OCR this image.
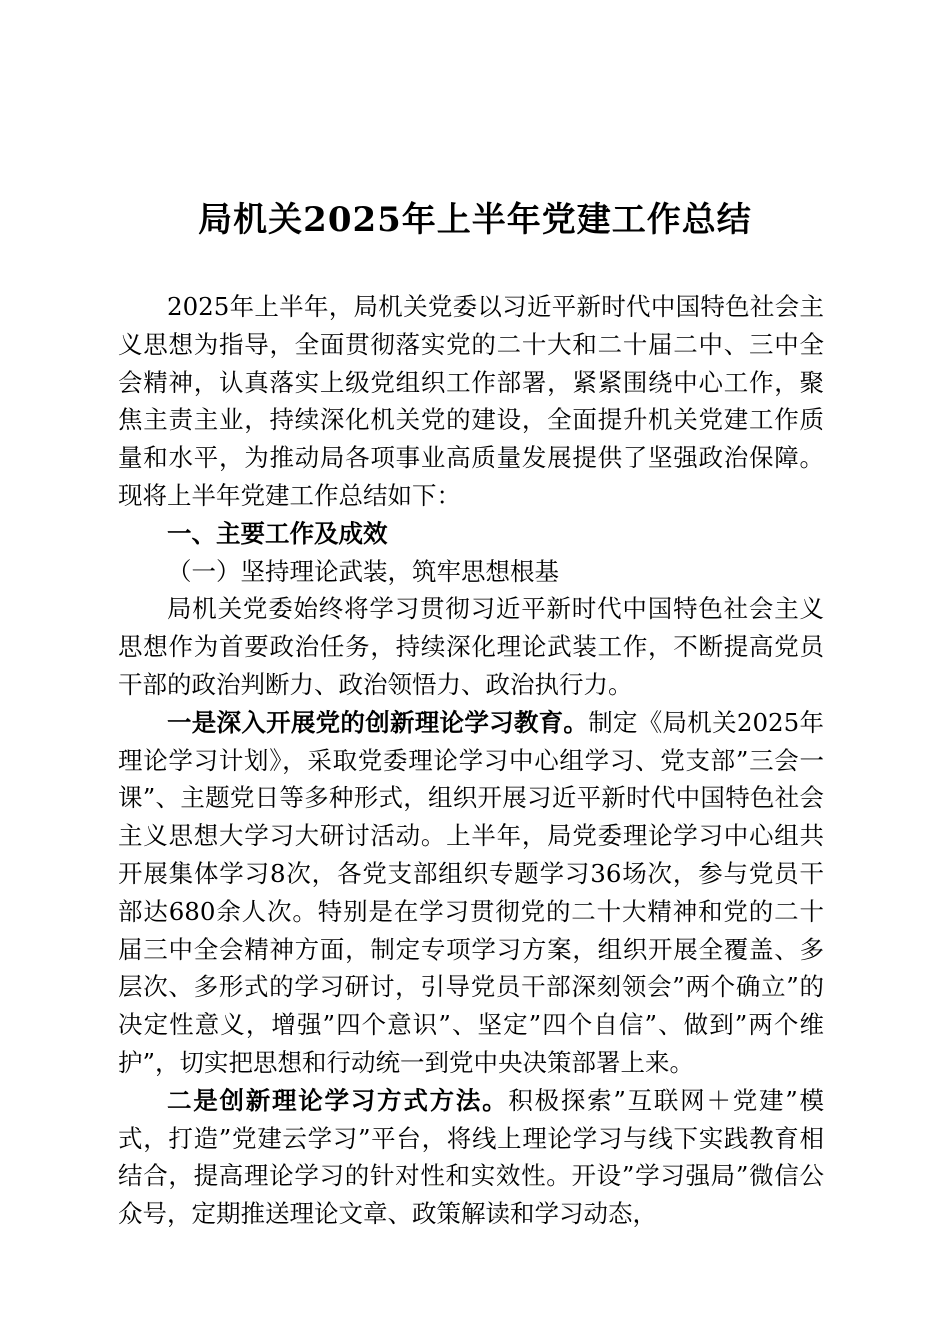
局机关2025年上半年党建工作总结

2025年上半年，局机关党委以习近平新时代中国特色社会主义思想为指导，全面贯彻落实党的二十大和二十届二中、三中全会精神，认真落实上级党组织工作部署，紧紧围绕中心工作，聚焦主责主业，持续深化机关党的建设，全面提升机关党建工作质量和水平，为推动局各项事业高质量发展提供了坚强政治保障。现将上半年党建工作总结如下：

一、主要工作及成效

（一）坚持理论武装，筑牢思想根基

局机关党委始终将学习贯彻习近平新时代中国特色社会主义思想作为首要政治任务，持续深化理论武装工作，不断提高党员干部的政治判断力、政治领悟力、政治执行力。

一是深入开展党的创新理论学习教育。制定《局机关2025年理论学习计划》，采取党委理论学习中心组学习、党支部”三会一课”、主题党日等多种形式，组织开展习近平新时代中国特色社会主义思想大学习大研讨活动。上半年，局党委理论学习中心组共开展集体学习8次，各党支部组织专题学习36场次，参与党员干部达680余人次。特别是在学习贯彻党的二十大精神和党的二十届三中全会精神方面，制定专项学习方案，组织开展全覆盖、多层次、多形式的学习研讨，引导党员干部深刻领会”两个确立”的决定性意义，增强”四个意识”、坚定”四个自信”、做到”两个维护”，切实把思想和行动统一到党中央决策部署上来。

二是创新理论学习方式方法。积极探索”互联网＋党建”模式，打造”党建云学习”平台，将线上理论学习与线下实践教育相结合，提高理论学习的针对性和实效性。开设”学习强局”微信公众号，定期推送理论文章、政策解读和学习动态，
